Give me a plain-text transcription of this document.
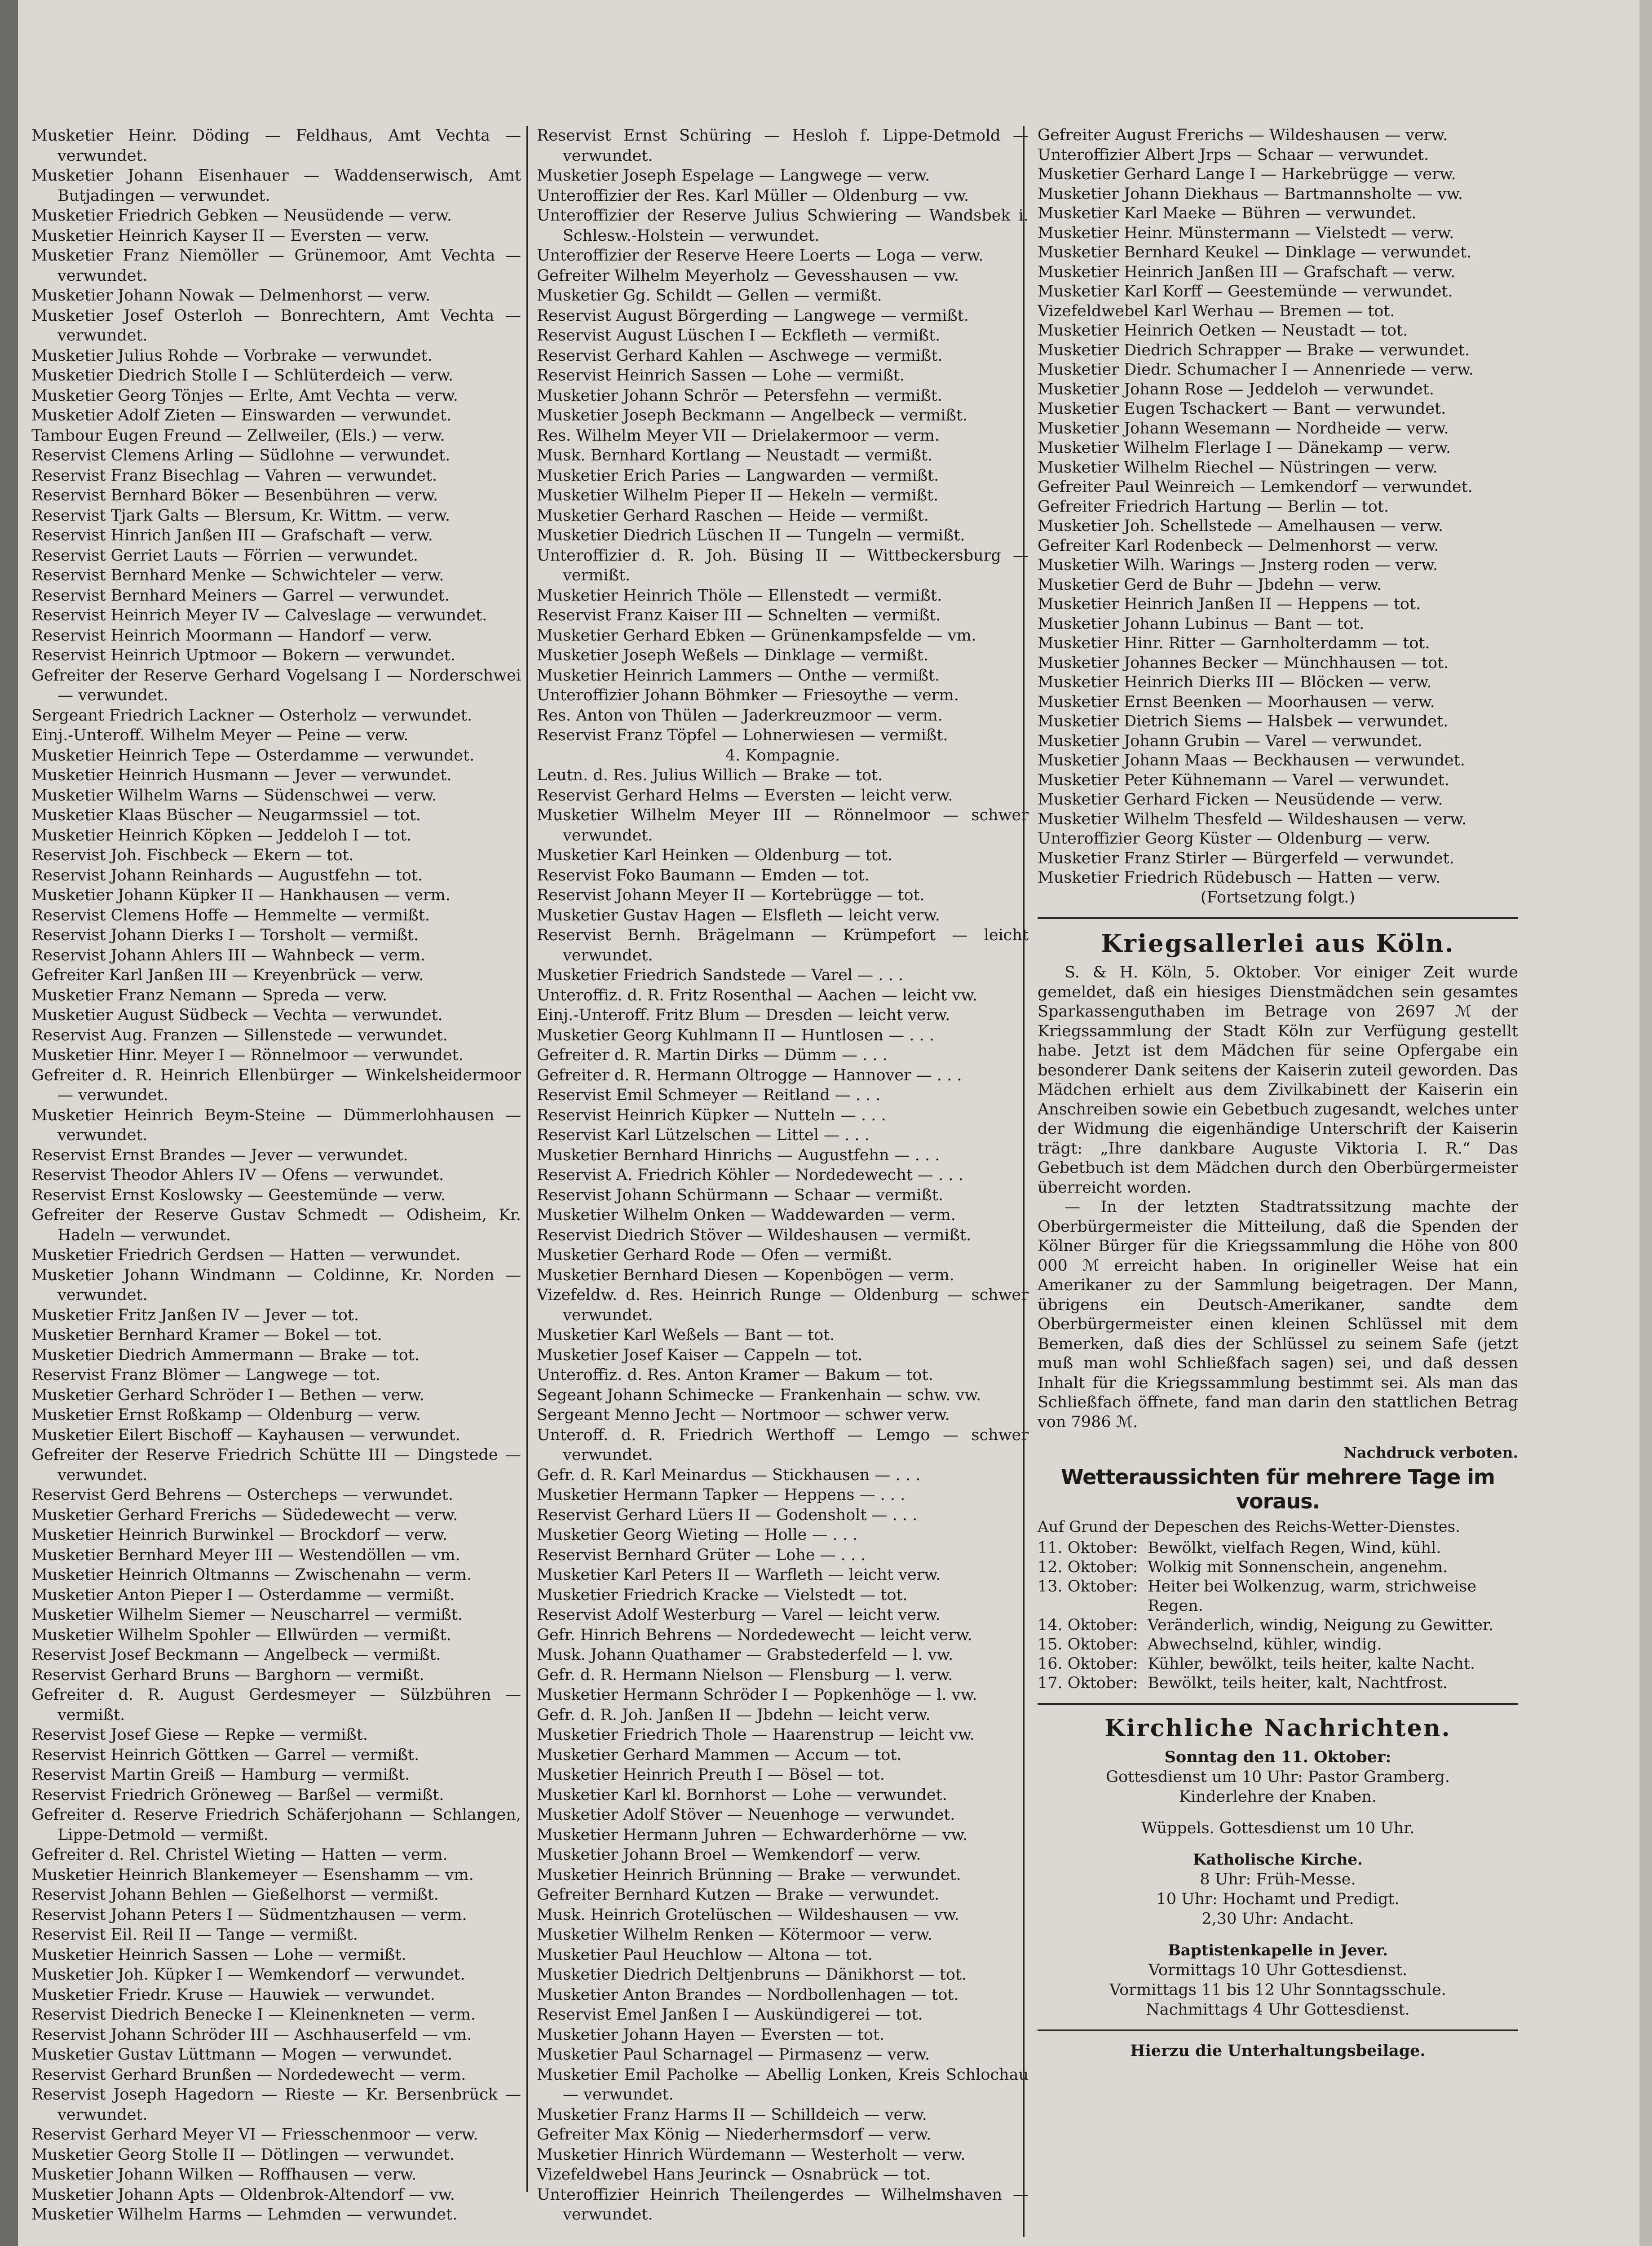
Musketier Heinr. Döding — Feldhaus, Amt Vechta — verwundet.

Musketier Johann Eisenhauer — Waddenserwisch, Amt Butjadingen — verwundet.

Musketier Friedrich Gebken — Neusüdende — verw.

Musketier Heinrich Kayser II — Eversten — verw.

Musketier Franz Niemöller — Grünemoor, Amt Vechta — verwundet.

Musketier Johann Nowak — Delmenhorst — verw.

Musketier Josef Osterloh — Bonrechtern, Amt Vechta — verwundet.

Musketier Julius Rohde — Vorbrake — verwundet.

Musketier Diedrich Stolle I — Schlüterdeich — verw.

Musketier Georg Tönjes — Erlte, Amt Vechta — verw.

Musketier Adolf Zieten — Einswarden — verwundet.

Tambour Eugen Freund — Zellweiler, (Els.) — verw.

Reservist Clemens Arling — Südlohne — verwundet.

Reservist Franz Bisechlag — Vahren — verwundet.

Reservist Bernhard Böker — Besenbühren — verw.

Reservist Tjark Galts — Blersum, Kr. Wittm. — verw.

Reservist Hinrich Janßen III — Grafschaft — verw.

Reservist Gerriet Lauts — Förrien — verwundet.

Reservist Bernhard Menke — Schwichteler — verw.

Reservist Bernhard Meiners — Garrel — verwundet.

Reservist Heinrich Meyer IV — Calveslage — verwundet.

Reservist Heinrich Moormann — Handorf — verw.

Reservist Heinrich Uptmoor — Bokern — verwundet.

Gefreiter der Reserve Gerhard Vogelsang I — Norderschwei — verwundet.

Sergeant Friedrich Lackner — Osterholz — verwundet.

Einj.-Unteroff. Wilhelm Meyer — Peine — verw.

Musketier Heinrich Tepe — Osterdamme — verwundet.

Musketier Heinrich Husmann — Jever — verwundet.

Musketier Wilhelm Warns — Südenschwei — verw.

Musketier Klaas Büscher — Neugarmssiel — tot.

Musketier Heinrich Köpken — Jeddeloh I — tot.

Reservist Joh. Fischbeck — Ekern — tot.

Reservist Johann Reinhards — Augustfehn — tot.

Musketier Johann Küpker II — Hankhausen — verm.

Reservist Clemens Hoffe — Hemmelte — vermißt.

Reservist Johann Dierks I — Torsholt — vermißt.

Reservist Johann Ahlers III — Wahnbeck — verm.

Gefreiter Karl Janßen III — Kreyenbrück — verw.

Musketier Franz Nemann — Spreda — verw.

Musketier August Südbeck — Vechta — verwundet.

Reservist Aug. Franzen — Sillenstede — verwundet.

Musketier Hinr. Meyer I — Rönnelmoor — verwundet.

Gefreiter d. R. Heinrich Ellenbürger — Winkelsheidermoor — verwundet.

Musketier Heinrich Beym-Steine — Dümmerlohhausen — verwundet.

Reservist Ernst Brandes — Jever — verwundet.

Reservist Theodor Ahlers IV — Ofens — verwundet.

Reservist Ernst Koslowsky — Geestemünde — verw.

Gefreiter der Reserve Gustav Schmedt — Odisheim, Kr. Hadeln — verwundet.

Musketier Friedrich Gerdsen — Hatten — verwundet.

Musketier Johann Windmann — Coldinne, Kr. Norden — verwundet.

Musketier Fritz Janßen IV — Jever — tot.

Musketier Bernhard Kramer — Bokel — tot.

Musketier Diedrich Ammermann — Brake — tot.

Reservist Franz Blömer — Langwege — tot.

Musketier Gerhard Schröder I — Bethen — verw.

Musketier Ernst Roßkamp — Oldenburg — verw.

Musketier Eilert Bischoff — Kayhausen — verwundet.

Gefreiter der Reserve Friedrich Schütte III — Dingstede — verwundet.

Reservist Gerd Behrens — Ostercheps — verwundet.

Musketier Gerhard Frerichs — Südedewecht — verw.

Musketier Heinrich Burwinkel — Brockdorf — verw.

Musketier Bernhard Meyer III — Westendöllen — vm.

Musketier Heinrich Oltmanns — Zwischenahn — verm.

Musketier Anton Pieper I — Osterdamme — vermißt.

Musketier Wilhelm Siemer — Neuscharrel — vermißt.

Musketier Wilhelm Spohler — Ellwürden — vermißt.

Reservist Josef Beckmann — Angelbeck — vermißt.

Reservist Gerhard Bruns — Barghorn — vermißt.

Gefreiter d. R. August Gerdesmeyer — Sülzbühren — vermißt.

Reservist Josef Giese — Repke — vermißt.

Reservist Heinrich Göttken — Garrel — vermißt.

Reservist Martin Greiß — Hamburg — vermißt.

Reservist Friedrich Gröneweg — Barßel — vermißt.

Gefreiter d. Reserve Friedrich Schäferjohann — Schlangen, Lippe-Detmold — vermißt.

Gefreiter d. Rel. Christel Wieting — Hatten — verm.

Musketier Heinrich Blankemeyer — Esenshamm — vm.

Reservist Johann Behlen — Gießelhorst — vermißt.

Reservist Johann Peters I — Südmentzhausen — verm.

Reservist Eil. Reil II — Tange — vermißt.

Musketier Heinrich Sassen — Lohe — vermißt.

Musketier Joh. Küpker I — Wemkendorf — verwundet.

Musketier Friedr. Kruse — Hauwiek — verwundet.

Reservist Diedrich Benecke I — Kleinenkneten — verm.

Reservist Johann Schröder III — Aschhauserfeld — vm.

Musketier Gustav Lüttmann — Mogen — verwundet.

Reservist Gerhard Brunßen — Nordedewecht — verm.

Reservist Joseph Hagedorn — Rieste — Kr. Bersenbrück — verwundet.

Reservist Gerhard Meyer VI — Friesschenmoor — verw.

Musketier Georg Stolle II — Dötlingen — verwundet.

Musketier Johann Wilken — Roffhausen — verw.

Musketier Johann Apts — Oldenbrok-Altendorf — vw.

Musketier Wilhelm Harms — Lehmden — verwundet.

Reservist Ernst Schüring — Hesloh f. Lippe-Detmold — verwundet.

Musketier Joseph Espelage — Langwege — verw.

Unteroffizier der Res. Karl Müller — Oldenburg — vw.

Unteroffizier der Reserve Julius Schwiering — Wandsbek i. Schlesw.-Holstein — verwundet.

Unteroffizier der Reserve Heere Loerts — Loga — verw.

Gefreiter Wilhelm Meyerholz — Gevesshausen — vw.

Musketier Gg. Schildt — Gellen — vermißt.

Reservist August Börgerding — Langwege — vermißt.

Reservist August Lüschen I — Eckfleth — vermißt.

Reservist Gerhard Kahlen — Aschwege — vermißt.

Reservist Heinrich Sassen — Lohe — vermißt.

Musketier Johann Schrör — Petersfehn — vermißt.

Musketier Joseph Beckmann — Angelbeck — vermißt.

Res. Wilhelm Meyer VII — Drielakermoor — verm.

Musk. Bernhard Kortlang — Neustadt — vermißt.

Musketier Erich Paries — Langwarden — vermißt.

Musketier Wilhelm Pieper II — Hekeln — vermißt.

Musketier Gerhard Raschen — Heide — vermißt.

Musketier Diedrich Lüschen II — Tungeln — vermißt.

Unteroffizier d. R. Joh. Büsing II — Wittbeckersburg — vermißt.

Musketier Heinrich Thöle — Ellenstedt — vermißt.

Reservist Franz Kaiser III — Schnelten — vermißt.

Musketier Gerhard Ebken — Grünenkampsfelde — vm.

Musketier Joseph Weßels — Dinklage — vermißt.

Musketier Heinrich Lammers — Onthe — vermißt.

Unteroffizier Johann Böhmker — Friesoythe — verm.

Res. Anton von Thülen — Jaderkreuzmoor — verm.

Reservist Franz Töpfel — Lohnerwiesen — vermißt.

4. Kompagnie.

Leutn. d. Res. Julius Willich — Brake — tot.

Reservist Gerhard Helms — Eversten — leicht verw.

Musketier Wilhelm Meyer III — Rönnelmoor — schwer verwundet.

Musketier Karl Heinken — Oldenburg — tot.

Reservist Foko Baumann — Emden — tot.

Reservist Johann Meyer II — Kortebrügge — tot.

Musketier Gustav Hagen — Elsfleth — leicht verw.

Reservist Bernh. Brägelmann — Krümpefort — leicht verwundet.

Musketier Friedrich Sandstede — Varel — . . .

Unteroffiz. d. R. Fritz Rosenthal — Aachen — leicht vw.

Einj.-Unteroff. Fritz Blum — Dresden — leicht verw.

Musketier Georg Kuhlmann II — Huntlosen — . . .

Gefreiter d. R. Martin Dirks — Dümm — . . .

Gefreiter d. R. Hermann Oltrogge — Hannover — . . .

Reservist Emil Schmeyer — Reitland — . . .

Reservist Heinrich Küpker — Nutteln — . . .

Reservist Karl Lützelschen — Littel — . . .

Musketier Bernhard Hinrichs — Augustfehn — . . .

Reservist A. Friedrich Köhler — Nordedewecht — . . .

Reservist Johann Schürmann — Schaar — vermißt.

Musketier Wilhelm Onken — Waddewarden — verm.

Reservist Diedrich Stöver — Wildeshausen — vermißt.

Musketier Gerhard Rode — Ofen — vermißt.

Musketier Bernhard Diesen — Kopenbögen — verm.

Vizefeldw. d. Res. Heinrich Runge — Oldenburg — schwer verwundet.

Musketier Karl Weßels — Bant — tot.

Musketier Josef Kaiser — Cappeln — tot.

Unteroffiz. d. Res. Anton Kramer — Bakum — tot.

Segeant Johann Schimecke — Frankenhain — schw. vw.

Sergeant Menno Jecht — Nortmoor — schwer verw.

Unteroff. d. R. Friedrich Werthoff — Lemgo — schwer verwundet.

Gefr. d. R. Karl Meinardus — Stickhausen — . . .

Musketier Hermann Tapker — Heppens — . . .

Reservist Gerhard Lüers II — Godensholt — . . .

Musketier Georg Wieting — Holle — . . .

Reservist Bernhard Grüter — Lohe — . . .

Musketier Karl Peters II — Warfleth — leicht verw.

Musketier Friedrich Kracke — Vielstedt — tot.

Reservist Adolf Westerburg — Varel — leicht verw.

Gefr. Hinrich Behrens — Nordedewecht — leicht verw.

Musk. Johann Quathamer — Grabstederfeld — l. vw.

Gefr. d. R. Hermann Nielson — Flensburg — l. verw.

Musketier Hermann Schröder I — Popkenhöge — l. vw.

Gefr. d. R. Joh. Janßen II — Jbdehn — leicht verw.

Musketier Friedrich Thole — Haarenstrup — leicht vw.

Musketier Gerhard Mammen — Accum — tot.

Musketier Heinrich Preuth I — Bösel — tot.

Musketier Karl kl. Bornhorst — Lohe — verwundet.

Musketier Adolf Stöver — Neuenhoge — verwundet.

Musketier Hermann Juhren — Echwarderhörne — vw.

Musketier Johann Broel — Wemkendorf — verw.

Musketier Heinrich Brünning — Brake — verwundet.

Gefreiter Bernhard Kutzen — Brake — verwundet.

Musk. Heinrich Grotelüschen — Wildeshausen — vw.

Musketier Wilhelm Renken — Kötermoor — verw.

Musketier Paul Heuchlow — Altona — tot.

Musketier Diedrich Deltjenbruns — Dänikhorst — tot.

Musketier Anton Brandes — Nordbollenhagen — tot.

Reservist Emel Janßen I — Auskündigerei — tot.

Musketier Johann Hayen — Eversten — tot.

Musketier Paul Scharnagel — Pirmasenz — verw.

Musketier Emil Pacholke — Abellig Lonken, Kreis Schlochau — verwundet.

Musketier Franz Harms II — Schilldeich — verw.

Gefreiter Max König — Niederhermsdorf — verw.

Musketier Hinrich Würdemann — Westerholt — verw.

Vizefeldwebel Hans Jeurinck — Osnabrück — tot.

Unteroffizier Heinrich Theilengerdes — Wilhelmshaven — verwundet.

Gefreiter August Frerichs — Wildeshausen — verw.

Unteroffizier Albert Jrps — Schaar — verwundet.

Musketier Gerhard Lange I — Harkebrügge — verw.

Musketier Johann Diekhaus — Bartmannsholte — vw.

Musketier Karl Maeke — Bühren — verwundet.

Musketier Heinr. Münstermann — Vielstedt — verw.

Musketier Bernhard Keukel — Dinklage — verwundet.

Musketier Heinrich Janßen III — Grafschaft — verw.

Musketier Karl Korff — Geestemünde — verwundet.

Vizefeldwebel Karl Werhau — Bremen — tot.

Musketier Heinrich Oetken — Neustadt — tot.

Musketier Diedrich Schrapper — Brake — verwundet.

Musketier Diedr. Schumacher I — Annenriede — verw.

Musketier Johann Rose — Jeddeloh — verwundet.

Musketier Eugen Tschackert — Bant — verwundet.

Musketier Johann Wesemann — Nordheide — verw.

Musketier Wilhelm Flerlage I — Dänekamp — verw.

Musketier Wilhelm Riechel — Nüstringen — verw.

Gefreiter Paul Weinreich — Lemkendorf — verwundet.

Gefreiter Friedrich Hartung — Berlin — tot.

Musketier Joh. Schellstede — Amelhausen — verw.

Gefreiter Karl Rodenbeck — Delmenhorst — verw.

Musketier Wilh. Warings — Jnsterg roden — verw.

Musketier Gerd de Buhr — Jbdehn — verw.

Musketier Heinrich Janßen II — Heppens — tot.

Musketier Johann Lubinus — Bant — tot.

Musketier Hinr. Ritter — Garnholterdamm — tot.

Musketier Johannes Becker — Münchhausen — tot.

Musketier Heinrich Dierks III — Blöcken — verw.

Musketier Ernst Beenken — Moorhausen — verw.

Musketier Dietrich Siems — Halsbek — verwundet.

Musketier Johann Grubin — Varel — verwundet.

Musketier Johann Maas — Beckhausen — verwundet.

Musketier Peter Kühnemann — Varel — verwundet.

Musketier Gerhard Ficken — Neusüdende — verw.

Musketier Wilhelm Thesfeld — Wildeshausen — verw.

Unteroffizier Georg Küster — Oldenburg — verw.

Musketier Franz Stirler — Bürgerfeld — verwundet.

Musketier Friedrich Rüdebusch — Hatten — verw.

(Fortsetzung folgt.)

Kriegsallerlei aus Köln.

S. & H. Köln, 5. Oktober. Vor einiger Zeit wurde gemeldet, daß ein hiesiges Dienstmädchen sein gesamtes Sparkassenguthaben im Betrage von 2697 ℳ der Kriegssammlung der Stadt Köln zur Verfügung gestellt habe. Jetzt ist dem Mädchen für seine Opfergabe ein besonderer Dank seitens der Kaiserin zuteil geworden. Das Mädchen erhielt aus dem Zivilkabinett der Kaiserin ein Anschreiben sowie ein Gebetbuch zugesandt, welches unter der Widmung die eigenhändige Unterschrift der Kaiserin trägt: „Ihre dankbare Auguste Viktoria I. R.“ Das Gebetbuch ist dem Mädchen durch den Oberbürgermeister überreicht worden.

— In der letzten Stadtratssitzung machte der Oberbürgermeister die Mitteilung, daß die Spenden der Kölner Bürger für die Kriegssammlung die Höhe von 800 000 ℳ erreicht haben. In origineller Weise hat ein Amerikaner zu der Sammlung beigetragen. Der Mann, übrigens ein Deutsch-Amerikaner, sandte dem Oberbürgermeister einen kleinen Schlüssel mit dem Bemerken, daß dies der Schlüssel zu seinem Safe (jetzt muß man wohl Schließfach sagen) sei, und daß dessen Inhalt für die Kriegssammlung bestimmt sei. Als man das Schließfach öffnete, fand man darin den stattlichen Betrag von 7986 ℳ.

Nachdruck verboten.
Wetteraussichten für mehrere Tage im voraus.
Auf Grund der Depeschen des Reichs-Wetter-Dienstes.
11. Oktober: Bewölkt, vielfach Regen, Wind, kühl.
12. Oktober: Wolkig mit Sonnenschein, angenehm.
13. Oktober: Heiter bei Wolkenzug, warm, strichweise Regen.
14. Oktober: Veränderlich, windig, Neigung zu Gewitter.
15. Oktober: Abwechselnd, kühler, windig.
16. Oktober: Kühler, bewölkt, teils heiter, kalte Nacht.
17. Oktober: Bewölkt, teils heiter, kalt, Nachtfrost.
Kirchliche Nachrichten.
Sonntag den 11. Oktober:
Gottesdienst um 10 Uhr: Pastor Gramberg.
Kinderlehre der Knaben.
Wüppels. Gottesdienst um 10 Uhr.
Katholische Kirche.
8 Uhr: Früh-Messe.
10 Uhr: Hochamt und Predigt.
2,30 Uhr: Andacht.
Baptistenkapelle in Jever.
Vormittags 10 Uhr Gottesdienst.
Vormittags 11 bis 12 Uhr Sonntagsschule.
Nachmittags 4 Uhr Gottesdienst.
Hierzu die Unterhaltungsbeilage.
